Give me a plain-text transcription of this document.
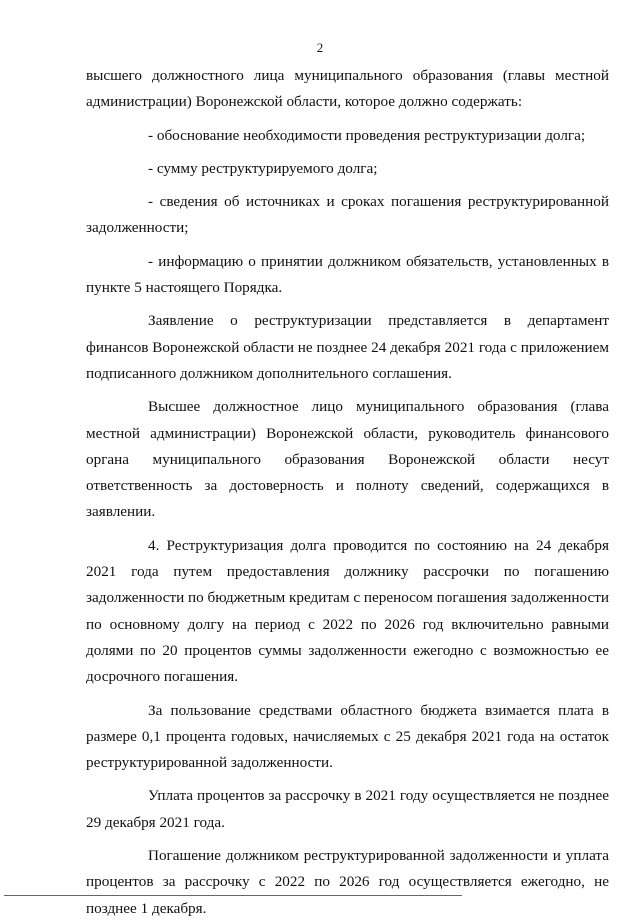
2

высшего должностного лица муниципального образования (главы местной администрации) Воронежской области, которое должно содержать:

- обоснование необходимости проведения реструктуризации долга;

- сумму реструктурируемого долга;

- сведения об источниках и сроках погашения реструктурированной задолженности;

- информацию о принятии должником обязательств, установленных в пункте 5 настоящего Порядка.

Заявление о реструктуризации представляется в департамент финансов Воронежской области не позднее 24 декабря 2021 года с приложением подписанного должником дополнительного соглашения.

Высшее должностное лицо муниципального образования (глава местной администрации) Воронежской области, руководитель финансового органа муниципального образования Воронежской области несут ответственность за достоверность и полноту сведений, содержащихся в заявлении.

4. Реструктуризация долга проводится по состоянию на 24 декабря 2021 года путем предоставления должнику рассрочки по погашению задолженности по бюджетным кредитам с переносом погашения задолженности по основному долгу на период с 2022 по 2026 год включительно равными долями по 20 процентов суммы задолженности ежегодно с возможностью ее досрочного погашения.

За пользование средствами областного бюджета взимается плата в размере 0,1 процента годовых, начисляемых с 25 декабря 2021 года на остаток реструктурированной задолженности.

Уплата процентов за рассрочку в 2021 году осуществляется не позднее 29 декабря 2021 года.

Погашение должником реструктурированной задолженности и уплата процентов за рассрочку с 2022 по 2026 год осуществляется ежегодно, не позднее 1 декабря.
